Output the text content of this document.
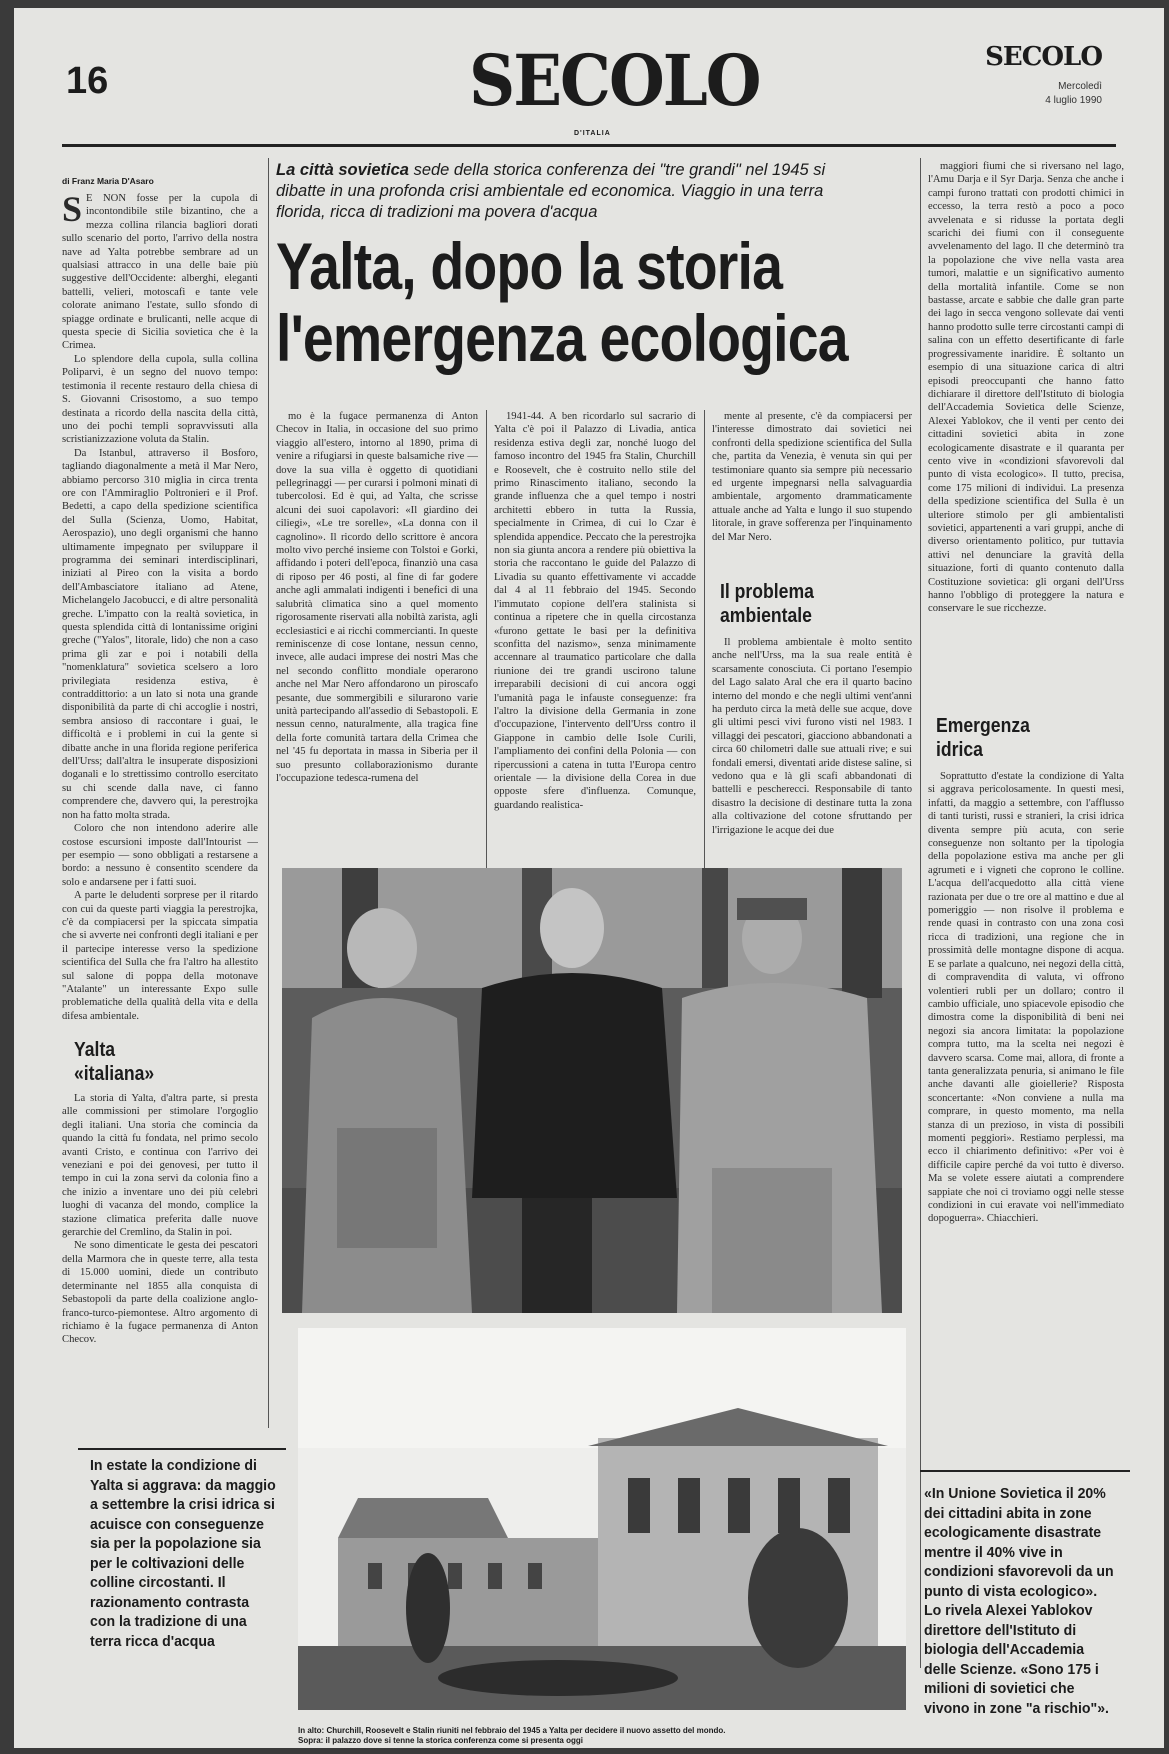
16	SECOLO
D'ITALIA
SECOLO
Mercoledì
4 luglio 1990
di Franz Maria D'Asaro

S E NON fosse per la cupola di incontondibile stile bizantino, che a mezza collina rilancia bagliori dorati sullo scenario del porto, l'arrivo della nostra nave ad Yalta potrebbe sembrare ad un qualsiasi attracco in una delle baie più suggestive dell'Occidente: alberghi, eleganti battelli, velieri, motoscafi e tante vele colorate animano l'estate, sullo sfondo di spiagge ordinate e brulicanti, nelle acque di questa specie di Sicilia sovietica che è la Crimea.

Lo splendore della cupola, sulla collina Poliparvi, è un segno del nuovo tempo: testimonia il recente restauro della chiesa di S. Giovanni Crisostomo, a suo tempo destinata a ricordo della nascita della città, uno dei pochi templi sopravvissuti alla scristianizzazione voluta da Stalin.

Da Istanbul, attraverso il Bosforo, tagliando diagonalmente a metà il Mar Nero, abbiamo percorso 310 miglia in circa trenta ore con l'Ammiraglio Poltronieri e il Prof. Bedetti, a capo della spedizione scientifica del Sulla (Scienza, Uomo, Habitat, Aerospazio), uno degli organismi che hanno ultimamente impegnato per sviluppare il programma dei seminari interdisciplinari, iniziati al Pireo con la visita a bordo dell'Ambasciatore italiano ad Atene, Michelangelo Jacobucci, e di altre personalità greche. L'impatto con la realtà sovietica, in questa splendida città di lontanissime origini greche ("Yalos", litorale, lido) che non a caso prima gli zar e poi i notabili della "nomenklatura" sovietica scelsero a loro privilegiata residenza estiva, è contraddittorio: a un lato si nota una grande disponibilità da parte di chi accoglie i nostri, sembra ansioso di raccontare i guai, le difficoltà e i problemi in cui la gente si dibatte anche in una florida regione periferica dell'Urss; dall'altra le insuperate disposizioni doganali e lo strettissimo controllo esercitato su chi scende dalla nave, ci fanno comprendere che, davvero qui, la perestrojka non ha fatto molta strada.

Coloro che non intendono aderire alle costose escursioni imposte dall'Intourist — per esempio — sono obbligati a restarsene a bordo: a nessuno è consentito scendere da solo e andarsene per i fatti suoi.

A parte le deludenti sorprese per il ritardo con cui da queste parti viaggia la perestrojka, c'è da compiacersi per la spiccata simpatia che si avverte nei confronti degli italiani e per il partecipe interesse verso la spedizione scientifica del Sulla che fra l'altro ha allestito sul salone di poppa della motonave "Atalante" un interessante Expo sulle problematiche della qualità della vita e della difesa ambientale.

Yalta
«italiana»

La storia di Yalta, d'altra parte, si presta alle commissioni per stimolare l'orgoglio degli italiani. Una storia che comincia da quando la città fu fondata, nel primo secolo avanti Cristo, e continua con l'arrivo dei veneziani e poi dei genovesi, per tutto il tempo in cui la zona servì da colonia fino a che inizio a inventare uno dei più celebri luoghi di vacanza del mondo, complice la stazione climatica preferita dalle nuove gerarchie del Cremlino, da Stalin in poi.

Ne sono dimenticate le gesta dei pescatori della Marmora che in queste terre, alla testa di 15.000 uomini, diede un contributo determinante nel 1855 alla conquista di Sebastopoli da parte della coalizione anglo-franco-turco-piemontese. Altro argomento di richiamo è la fugace permanenza di Anton Checov.

La città sovietica sede della storica conferenza dei "tre grandi" nel 1945 si dibatte in una profonda crisi ambientale ed economica. Viaggio in una terra florida, ricca di tradizioni ma povera d'acqua
Yalta, dopo la storia
l'emergenza ecologica

mo è la fugace permanenza di Anton Checov in Italia, in occasione del suo primo viaggio all'estero, intorno al 1890, prima di venire a rifugiarsi in queste balsamiche rive — dove la sua villa è oggetto di quotidiani pellegrinaggi — per curarsi i polmoni minati di tubercolosi. Ed è qui, ad Yalta, che scrisse alcuni dei suoi capolavori: «Il giardino dei ciliegi», «Le tre sorelle», «La donna con il cagnolino». Il ricordo dello scrittore è ancora molto vivo perché insieme con Tolstoi e Gorki, affidando i poteri dell'epoca, finanziò una casa di riposo per 46 posti, al fine di far godere anche agli ammalati indigenti i benefici di una salubrità climatica sino a quel momento rigorosamente riservati alla nobiltà zarista, agli ecclesiastici e ai ricchi commercianti. In queste reminiscenze di cose lontane, nessun cenno, invece, alle audaci imprese dei nostri Mas che nel secondo conflitto mondiale operarono anche nel Mar Nero affondarono un piroscafo pesante, due sommergibili e silurarono varie unità partecipando all'assedio di Sebastopoli. E nessun cenno, naturalmente, alla tragica fine della forte comunità tartara della Crimea che nel '45 fu deportata in massa in Siberia per il suo presunto collaborazionismo durante l'occupazione tedesca-rumena del

1941-44. A ben ricordarlo sul sacrario di Yalta c'è poi il Palazzo di Livadia, antica residenza estiva degli zar, nonché luogo del famoso incontro del 1945 fra Stalin, Churchill e Roosevelt, che è costruito nello stile del primo Rinascimento italiano, secondo la grande influenza che a quel tempo i nostri architetti ebbero in tutta la Russia, specialmente in Crimea, di cui lo Czar è splendida appendice. Peccato che la perestrojka non sia giunta ancora a rendere più obiettiva la storia che raccontano le guide del Palazzo di Livadia su quanto effettivamente vi accadde dal 4 al 11 febbraio del 1945. Secondo l'immutato copione dell'era stalinista si continua a ripetere che in quella circostanza «furono gettate le basi per la definitiva sconfitta del nazismo», senza minimamente accennare al traumatico particolare che dalla riunione dei tre grandi uscirono talune irreparabili decisioni di cui ancora oggi l'umanità paga le infauste conseguenze: fra l'altro la divisione della Germania in zone d'occupazione, l'intervento dell'Urss contro il Giappone in cambio delle Isole Curili, l'ampliamento dei confini della Polonia — con ripercussioni a catena in tutta l'Europa centro orientale — la divisione della Corea in due opposte sfere d'influenza. Comunque, guardando realistica-

mente al presente, c'è da compiacersi per l'interesse dimostrato dai sovietici nei confronti della spedizione scientifica del Sulla che, partita da Venezia, è venuta sin qui per testimoniare quanto sia sempre più necessario ed urgente impegnarsi nella salvaguardia ambientale, argomento drammaticamente attuale anche ad Yalta e lungo il suo stupendo litorale, in grave sofferenza per l'inquinamento del Mar Nero.

Il problema
ambientale

Il problema ambientale è molto sentito anche nell'Urss, ma la sua reale entità è scarsamente conosciuta. Ci portano l'esempio del Lago salato Aral che era il quarto bacino interno del mondo e che negli ultimi vent'anni ha perduto circa la metà delle sue acque, dove gli ultimi pesci vivi furono visti nel 1983. I villaggi dei pescatori, giacciono abbandonati a circa 60 chilometri dalle sue attuali rive; e sui fondali emersi, diventati aride distese saline, si vedono qua e là gli scafi abbandonati di battelli e pescherecci. Responsabile di tanto disastro la decisione di destinare tutta la zona alla coltivazione del cotone sfruttando per l'irrigazione le acque dei due

maggiori fiumi che si riversano nel lago, l'Amu Darja e il Syr Darja. Senza che anche i campi furono trattati con prodotti chimici in eccesso, la terra restò a poco a poco avvelenata e si ridusse la portata degli scarichi dei fiumi con il conseguente avvelenamento del lago. Il che determinò tra la popolazione che vive nella vasta area tumori, malattie e un significativo aumento della mortalità infantile. Come se non bastasse, arcate e sabbie che dalle gran parte dei lago in secca vengono sollevate dai venti hanno prodotto sulle terre circostanti campi di salina con un effetto desertificante di farle progressivamente inaridire. È soltanto un esempio di una situazione carica di altri episodi preoccupanti che hanno fatto dichiarare il direttore dell'Istituto di biologia dell'Accademia Sovietica delle Scienze, Alexei Yablokov, che il venti per cento dei cittadini sovietici abita in zone ecologicamente disastrate e il quaranta per cento vive in «condizioni sfavorevoli dal punto di vista ecologico». Il tutto, precisa, come 175 milioni di individui. La presenza della spedizione scientifica del Sulla è un ulteriore stimolo per gli ambientalisti sovietici, appartenenti a vari gruppi, anche di diverso orientamento politico, pur tuttavia attivi nel denunciare la gravità della situazione, forti di quanto contenuto dalla Costituzione sovietica: gli organi dell'Urss hanno l'obbligo di proteggere la natura e conservare le sue ricchezze.

Emergenza
idrica

Soprattutto d'estate la condizione di Yalta si aggrava pericolosamente. In questi mesi, infatti, da maggio a settembre, con l'afflusso di tanti turisti, russi e stranieri, la crisi idrica diventa sempre più acuta, con serie conseguenze non soltanto per la tipologia della popolazione estiva ma anche per gli agrumeti e i vigneti che coprono le colline. L'acqua dell'acquedotto alla città viene razionata per due o tre ore al mattino e due al pomeriggio — non risolve il problema e rende quasi in contrasto con una zona così ricca di tradizioni, una regione che in prossimità delle montagne dispone di acqua. E se parlate a qualcuno, nei negozi della città, di compravendita di valuta, vi offrono volentieri rubli per un dollaro; contro il cambio ufficiale, uno spiacevole episodio che dimostra come la disponibilità di beni nei negozi sia ancora limitata: la popolazione compra tutto, ma la scelta nei negozi è davvero scarsa. Come mai, allora, di fronte a tanta generalizzata penuria, si animano le file anche davanti alle gioiellerie? Risposta sconcertante: «Non conviene a nulla ma comprare, in questo momento, ma nella stanza di un prezioso, in vista di possibili momenti peggiori». Restiamo perplessi, ma ecco il chiarimento definitivo: «Per voi è difficile capire perché da voi tutto è diverso. Ma se volete essere aiutati a comprendere sappiate che noi ci troviamo oggi nelle stesse condizioni in cui eravate voi nell'immediato dopoguerra». Chiacchieri.

In alto: Churchill, Roosevelt e Stalin riuniti nel febbraio del 1945 a Yalta per decidere il nuovo assetto del mondo.
Sopra: il palazzo dove si tenne la storica conferenza come si presenta oggi
In estate la condizione di Yalta si aggrava: da maggio a settembre la crisi idrica si acuisce con conseguenze sia per la popolazione sia per le coltivazioni delle colline circostanti. Il razionamento contrasta con la tradizione di una terra ricca d'acqua
«In Unione Sovietica il 20% dei cittadini abita in zone ecologicamente disastrate mentre il 40% vive in condizioni sfavorevoli da un punto di vista ecologico». Lo rivela Alexei Yablokov direttore dell'Istituto di biologia dell'Accademia delle Scienze. «Sono 175 i milioni di sovietici che vivono in zone "a rischio"».
